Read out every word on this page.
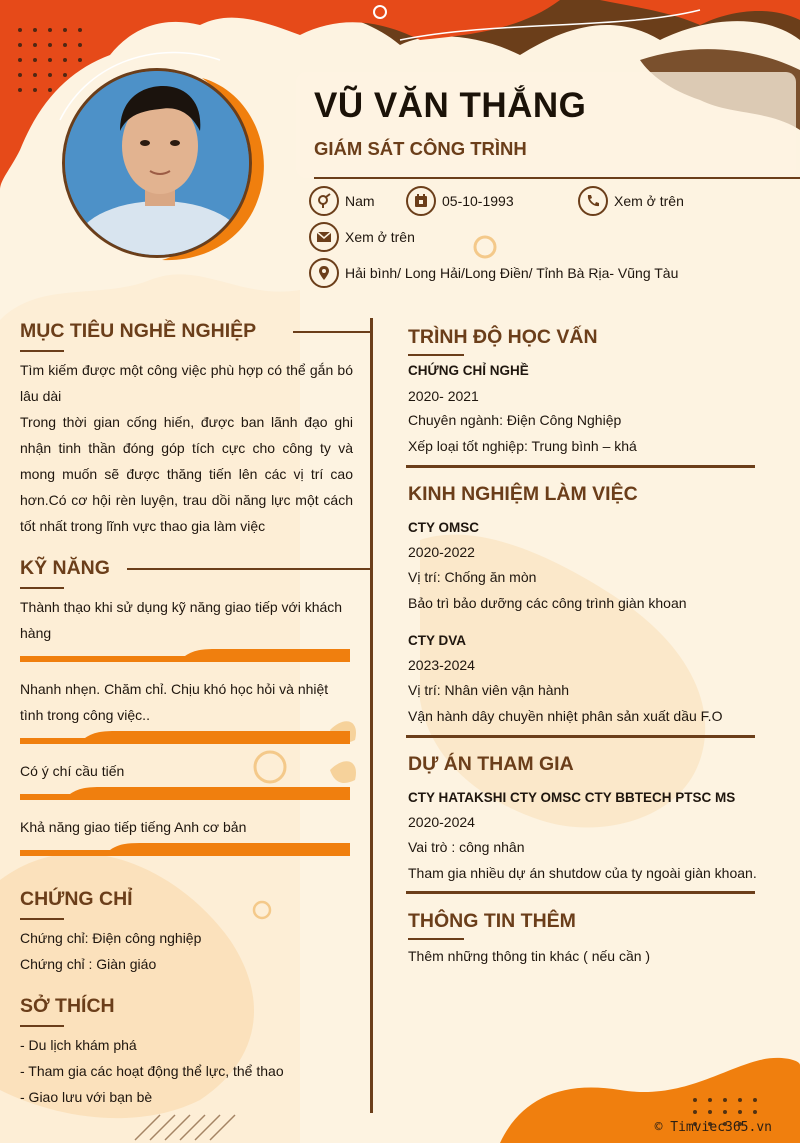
VŨ VĂN THẮNG
GIÁM SÁT CÔNG TRÌNH
Nam	05-10-1993	Xem ở trên
Xem ở trên
Hải bình/ Long Hải/Long Điền/ Tỉnh Bà Rịa- Vũng Tàu
MỤC TIÊU NGHỀ NGHIỆP
Tìm kiếm được một công việc phù hợp có thể gắn bó lâu dài
Trong thời gian cống hiến, được ban lãnh đạo ghi nhận tinh thần đóng góp tích cực cho công ty và mong muốn sẽ được thăng tiến lên các vị trí cao hơn.Có cơ hội rèn luyện, trau dồi năng lực một cách tốt nhất trong lĩnh vực thao gia làm việc
KỸ NĂNG
Thành thạo khi sử dụng kỹ năng giao tiếp với khách hàng
Nhanh nhẹn. Chăm chỉ. Chịu khó học hỏi và nhiệt tình trong công việc..
Có ý chí cầu tiến
Khả năng giao tiếp tiếng Anh cơ bản
CHỨNG CHỈ
Chứng chỉ: Điện công nghiệp
Chứng chỉ : Giàn giáo
SỞ THÍCH
- Du lịch khám phá
- Tham gia các hoạt động thể lực, thể thao
- Giao lưu với bạn bè
TRÌNH ĐỘ HỌC VẤN
CHỨNG CHỈ NGHỀ
2020- 2021
Chuyên ngành: Điện Công Nghiệp
Xếp loại tốt nghiệp: Trung bình – khá
KINH NGHIỆM LÀM VIỆC
CTY OMSC
2020-2022
Vị trí: Chống ăn mòn
Bảo trì bảo dưỡng các công trình giàn khoan
CTY DVA
2023-2024
Vị trí: Nhân viên vận hành
Vận hành dây chuyền nhiệt phân sản xuất dầu F.O
DỰ ÁN THAM GIA
CTY HATAKSHI CTY OMSC CTY BBTECH PTSC MS
2020-2024
Vai trò : công nhân
Tham gia nhiều dự án shutdow của ty ngoài giàn khoan.
THÔNG TIN THÊM
Thêm những thông tin khác ( nếu cần )
© Timviec365.vn
